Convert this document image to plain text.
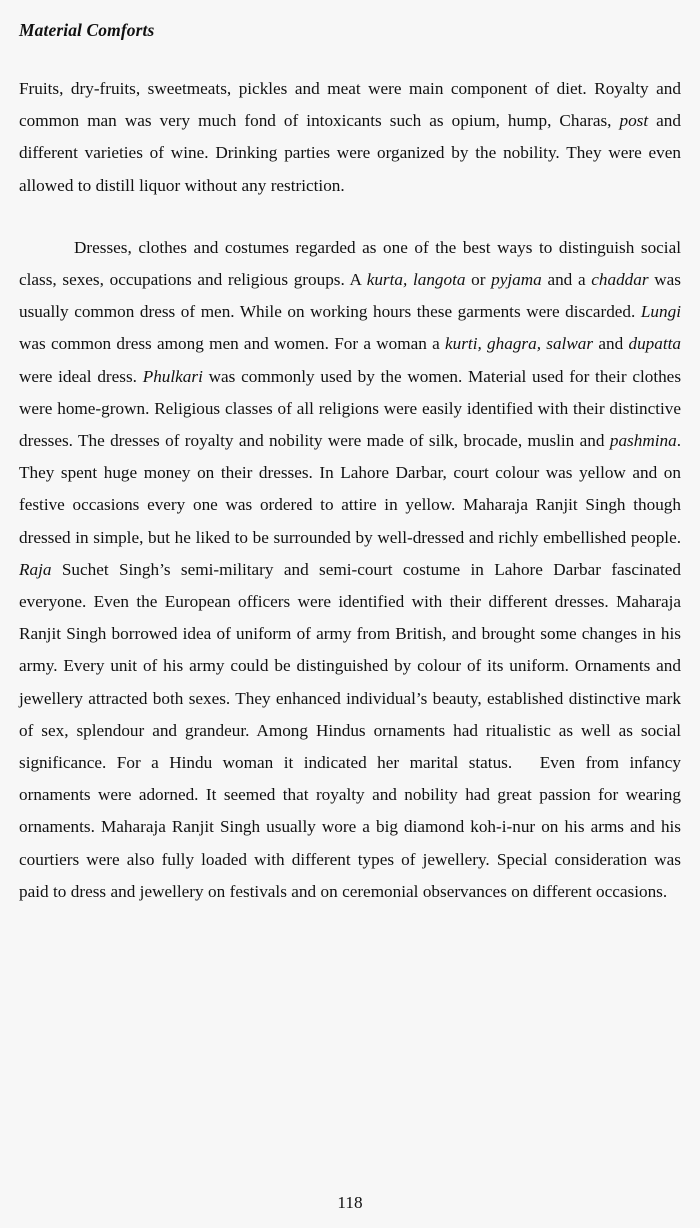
Material Comforts

Fruits, dry-fruits, sweetmeats, pickles and meat were main component of diet. Royalty and common man was very much fond of intoxicants such as opium, hump, Charas, post and different varieties of wine. Drinking parties were organized by the nobility. They were even allowed to distill liquor without any restriction.

Dresses, clothes and costumes regarded as one of the best ways to distinguish social class, sexes, occupations and religious groups. A kurta, langota or pyjama and a chaddar was usually common dress of men. While on working hours these garments were discarded. Lungi was common dress among men and women. For a woman a kurti, ghagra, salwar and dupatta were ideal dress. Phulkari was commonly used by the women. Material used for their clothes were home-grown. Religious classes of all religions were easily identified with their distinctive dresses. The dresses of royalty and nobility were made of silk, brocade, muslin and pashmina. They spent huge money on their dresses. In Lahore Darbar, court colour was yellow and on festive occasions every one was ordered to attire in yellow. Maharaja Ranjit Singh though dressed in simple, but he liked to be surrounded by well-dressed and richly embellished people. Raja Suchet Singh’s semi-military and semi-court costume in Lahore Darbar fascinated everyone. Even the European officers were identified with their different dresses. Maharaja Ranjit Singh borrowed idea of uniform of army from British, and brought some changes in his army. Every unit of his army could be distinguished by colour of its uniform. Ornaments and jewellery attracted both sexes. They enhanced individual’s beauty, established distinctive mark of sex, splendour and grandeur. Among Hindus ornaments had ritualistic as well as social significance. For a Hindu woman it indicated her marital status.  Even from infancy ornaments were adorned. It seemed that royalty and nobility had great passion for wearing ornaments. Maharaja Ranjit Singh usually wore a big diamond koh-i-nur on his arms and his courtiers were also fully loaded with different types of jewellery. Special consideration was paid to dress and jewellery on festivals and on ceremonial observances on different occasions.

118
